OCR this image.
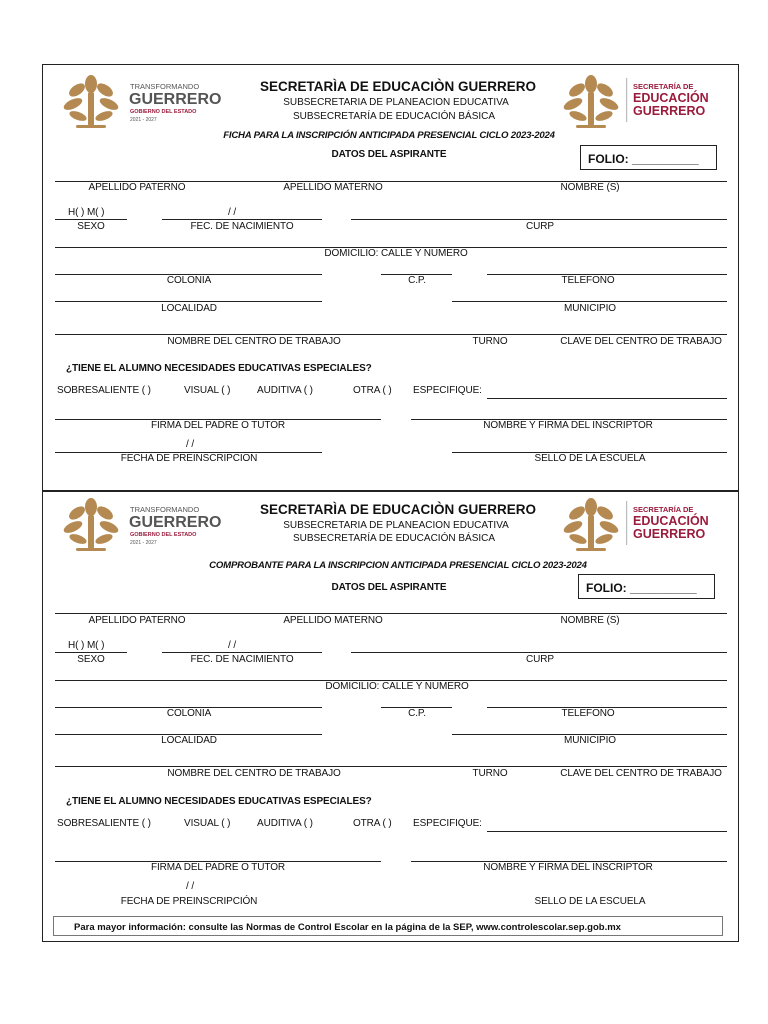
TRANSFORMANDO
GUERRERO
GOBIERNO DEL ESTADO
2021 - 2027
SECRETARÍA DE
EDUCACIÓN
GUERRERO
SECRETARÌA DE EDUCACIÒN GUERRERO
SUBSECRETARIA DE PLANEACION EDUCATIVA
SUBSECRETARÍA DE EDUCACIÓN BÁSICA
FICHA PARA LA INSCRIPCIÓN ANTICIPADA PRESENCIAL CICLO 2023-2024
DATOS DEL ASPIRANTE	FOLIO: __________
APELLIDO PATERNO	APELLIDO MATERNO	NOMBRE (S)
H( ) M( )	/ /
SEXO	FEC. DE NACIMIENTO	CURP
DOMICILIO: CALLE Y NUMERO
COLONIA	C.P.	TELEFONO
LOCALIDAD	MUNICIPIO
NOMBRE DEL CENTRO DE TRABAJO	TURNO	CLAVE DEL CENTRO DE TRABAJO
¿TIENE EL ALUMNO NECESIDADES EDUCATIVAS ESPECIALES?
SOBRESALIENTE ( )	VISUAL ( )	AUDITIVA ( )	OTRA ( ) ESPECIFIQUE:
FIRMA DEL PADRE O TUTOR	NOMBRE Y FIRMA DEL INSCRIPTOR
/ /
FECHA DE PREINSCRIPCION	SELLO DE LA ESCUELA
TRANSFORMANDO
GUERRERO
GOBIERNO DEL ESTADO
2021 - 2027
SECRETARÍA DE
EDUCACIÓN
GUERRERO
SECRETARÌA DE EDUCACIÒN GUERRERO
SUBSECRETARIA DE PLANEACION EDUCATIVA
SUBSECRETARÍA DE EDUCACIÓN BÁSICA
COMPROBANTE PARA LA INSCRIPCION ANTICIPADA PRESENCIAL CICLO 2023-2024
DATOS DEL ASPIRANTE	FOLIO: __________
APELLIDO PATERNO	APELLIDO MATERNO	NOMBRE (S)
H( ) M( )	/ /
SEXO	FEC. DE NACIMIENTO	CURP
DOMICILIO: CALLE Y NUMERO
COLONIA	C.P.	TELEFONO
LOCALIDAD	MUNICIPIO
NOMBRE DEL CENTRO DE TRABAJO	TURNO	CLAVE DEL CENTRO DE TRABAJO
¿TIENE EL ALUMNO NECESIDADES EDUCATIVAS ESPECIALES?
SOBRESALIENTE ( )	VISUAL ( )	AUDITIVA ( )	OTRA ( ) ESPECIFIQUE:
FIRMA DEL PADRE O TUTOR	NOMBRE Y FIRMA DEL INSCRIPTOR
/ /
FECHA DE PREINSCRIPCIÓN	SELLO DE LA ESCUELA
Para mayor información: consulte las Normas de Control Escolar en la página de la SEP, www.controlescolar.sep.gob.mx
